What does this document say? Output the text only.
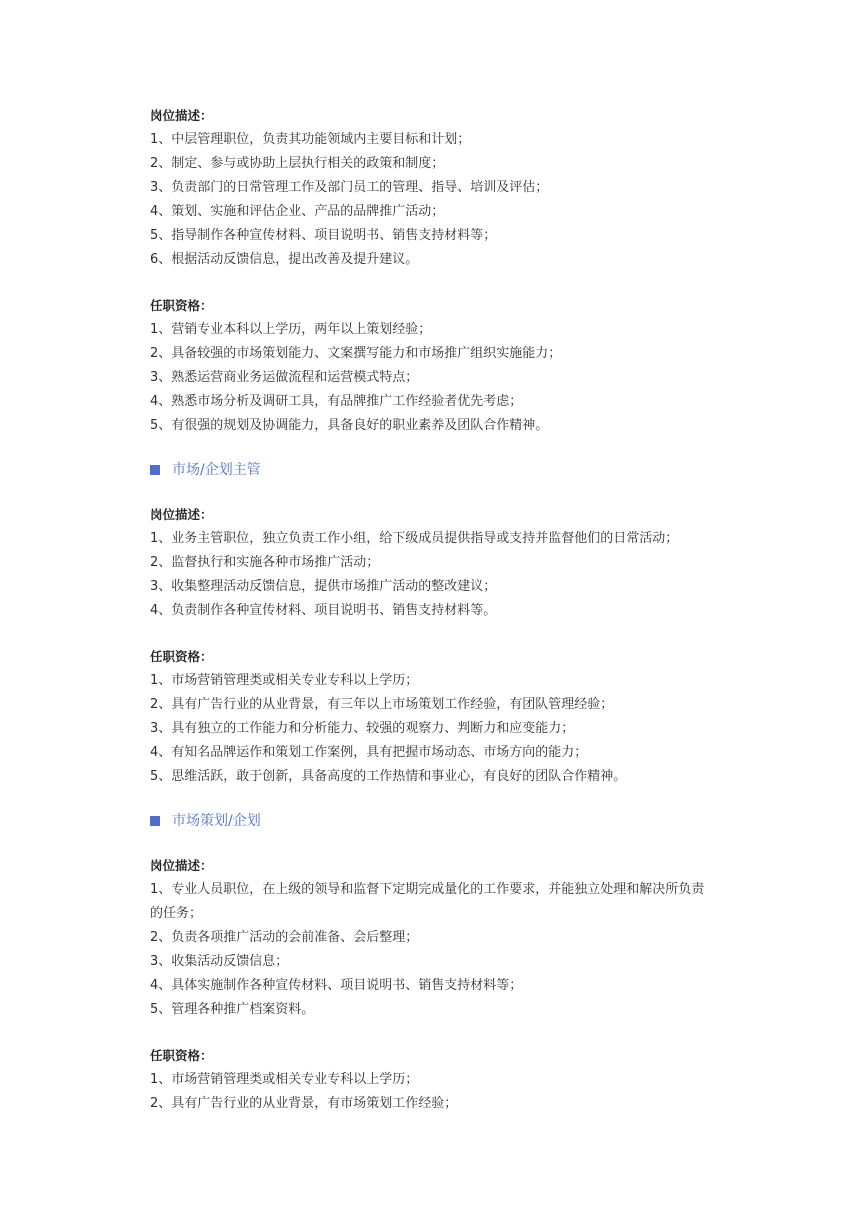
岗位描述：
1、中层管理职位，负责其功能领域内主要目标和计划；
2、制定、参与或协助上层执行相关的政策和制度；
3、负责部门的日常管理工作及部门员工的管理、指导、培训及评估；
4、策划、实施和评估企业、产品的品牌推广活动；
5、指导制作各种宣传材料、项目说明书、销售支持材料等；
6、根据活动反馈信息，提出改善及提升建议。
任职资格：
1、营销专业本科以上学历，两年以上策划经验；
2、具备较强的市场策划能力、文案撰写能力和市场推广组织实施能力；
3、熟悉运营商业务运做流程和运营模式特点；
4、熟悉市场分析及调研工具，有品牌推广工作经验者优先考虑；
5、有很强的规划及协调能力，具备良好的职业素养及团队合作精神。
市场/企划主管
岗位描述：
1、业务主管职位，独立负责工作小组，给下级成员提供指导或支持并监督他们的日常活动；
2、监督执行和实施各种市场推广活动；
3、收集整理活动反馈信息，提供市场推广活动的整改建议；
4、负责制作各种宣传材料、项目说明书、销售支持材料等。
任职资格：
1、市场营销管理类或相关专业专科以上学历；
2、具有广告行业的从业背景，有三年以上市场策划工作经验，有团队管理经验；
3、具有独立的工作能力和分析能力、较强的观察力、判断力和应变能力；
4、有知名品牌运作和策划工作案例，具有把握市场动态、市场方向的能力；
5、思维活跃，敢于创新，具备高度的工作热情和事业心，有良好的团队合作精神。
市场策划/企划
岗位描述：
1、专业人员职位，在上级的领导和监督下定期完成量化的工作要求，并能独立处理和解决所负责
的任务；
2、负责各项推广活动的会前准备、会后整理；
3、收集活动反馈信息；
4、具体实施制作各种宣传材料、项目说明书、销售支持材料等；
5、管理各种推广档案资料。
任职资格：
1、市场营销管理类或相关专业专科以上学历；
2、具有广告行业的从业背景，有市场策划工作经验；
